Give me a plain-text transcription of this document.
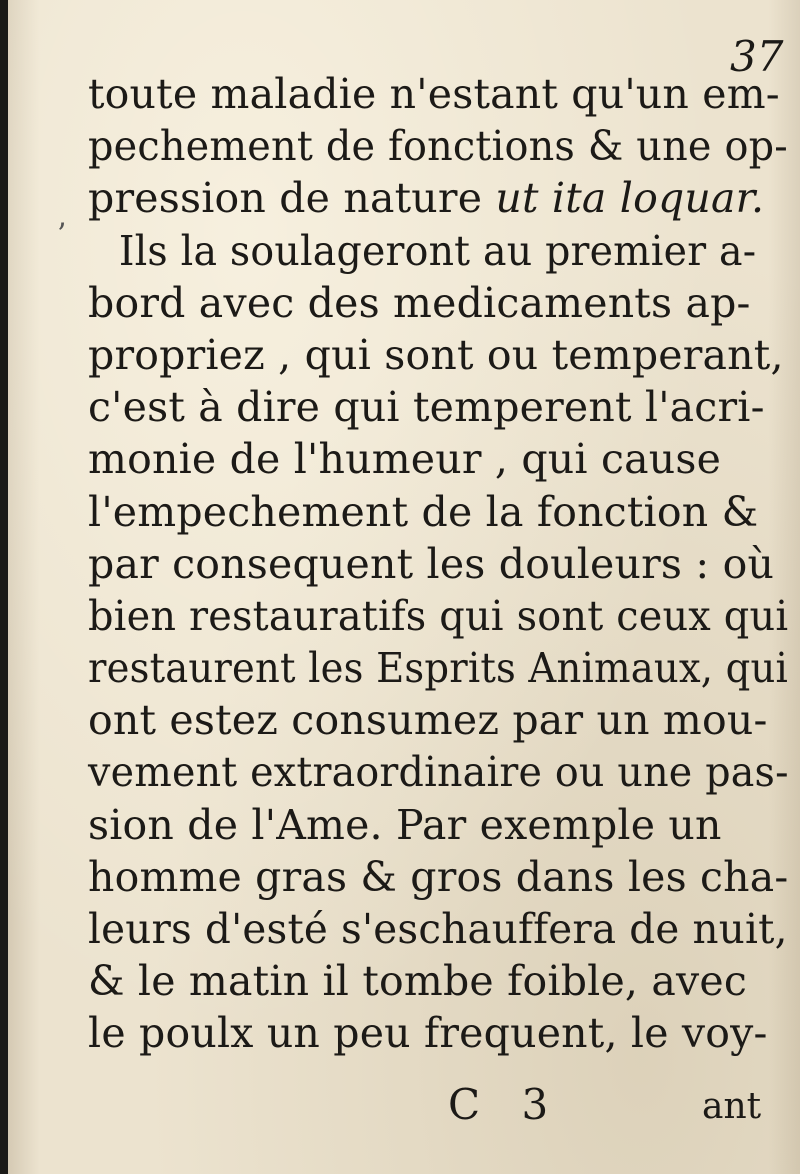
37
ʼ
toute maladie n'estant qu'un em-
pechement de fonctions & une op-
pression de nature ut ita loquar.
Ils la soulageront au premier a-
bord avec des medicaments ap-
propriez , qui sont ou temperant,
c'est à dire qui temperent l'acri-
monie de l'humeur , qui cause
l'empechement de la fonction &
par consequent les douleurs : où
bien restauratifs qui sont ceux qui
restaurent les Esprits Animaux, qui
ont estez consumez par un mou-
vement extraordinaire ou une pas-
sion de l'Ame. Par exemple un
homme gras & gros dans les cha-
leurs d'esté s'eschauffera de nuit,
& le matin il tombe foible, avec
le poulx un peu frequent, le voy-
C 3	ant
